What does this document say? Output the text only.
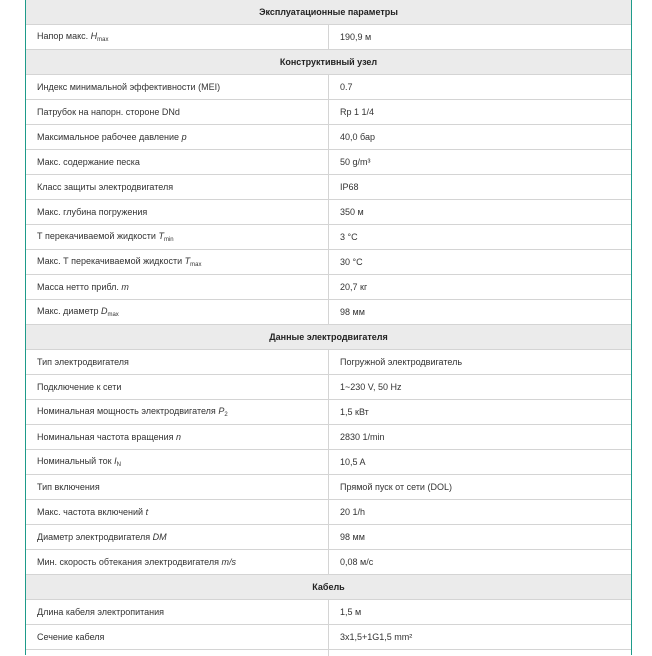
Эксплуатационные параметры	
Напор макс. $H_{max}$	190,9 м
Конструктивный узел	
Индекс минимальной эффективности (MEI)	0.7
Патрубок на напорн. стороне DNd	Rp 1 1/4
Максимальное рабочее давление p	40,0 бар
Макс. содержание песка	50 g/m³
Класс защиты электродвигателя	IP68
Макс. глубина погружения	350 м
Т перекачиваемой жидкости $T_{min}$	3 °C
Макс. Т перекачиваемой жидкости $T_{max}$	30 °C
Масса нетто прибл. m	20,7 кг
Макс. диаметр $D_{max}$	98 мм
Данные электродвигателя	
Тип электродвигателя	Погружной электродвигатель
Подключение к сети	1~230 V, 50 Hz
Номинальная мощность электродвигателя $P_2$	1,5 кВт
Номинальная частота вращения n	2830 1/min
Номинальный ток $I_N$	10,5 A
Тип включения	Прямой пуск от сети (DOL)
Макс. частота включений t	20 1/h
Диаметр электродвигателя DM	98 мм
Мин. скорость обтекания электродвигателя m/s	0,08 м/с
Кабель	
Длина кабеля электропитания	1,5 м
Сечение кабеля	3x1,5+1G1,5 mm²
